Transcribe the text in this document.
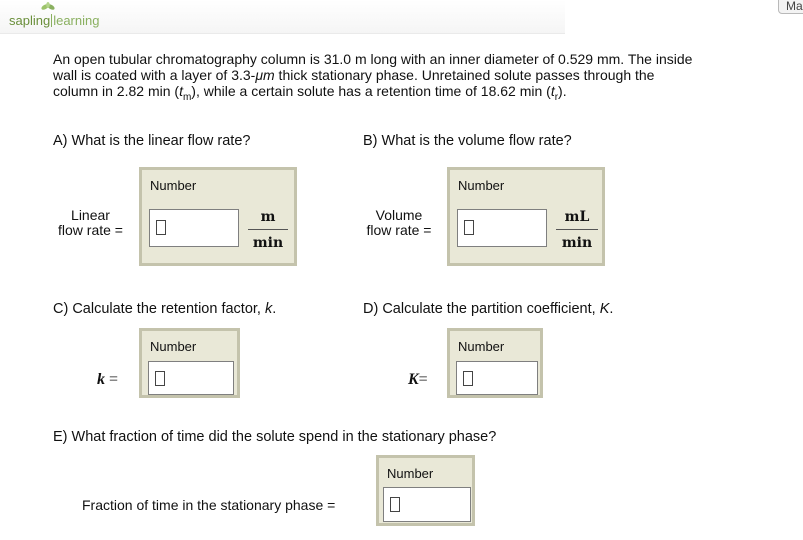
sapling learning
Ma
An open tubular chromatography column is 31.0 m long with an inner diameter of 0.529 mm. The inside
wall is coated with a layer of 3.3-μm thick stationary phase. Unretained solute passes through the
column in 2.82 $\min (t_m)$, while a certain solute has a retention time of 18.62 $\min (t_r)$.
A) What is the linear flow rate?
Linear
flow rate =
Number
m
min
B) What is the volume flow rate?
Volume
flow rate =
Number
mL
min
C) Calculate the retention factor, k.
k =
Number
D) Calculate the partition coefficient, K.
K=
Number
E) What fraction of time did the solute spend in the stationary phase?
Fraction of time in the stationary phase =
Number
